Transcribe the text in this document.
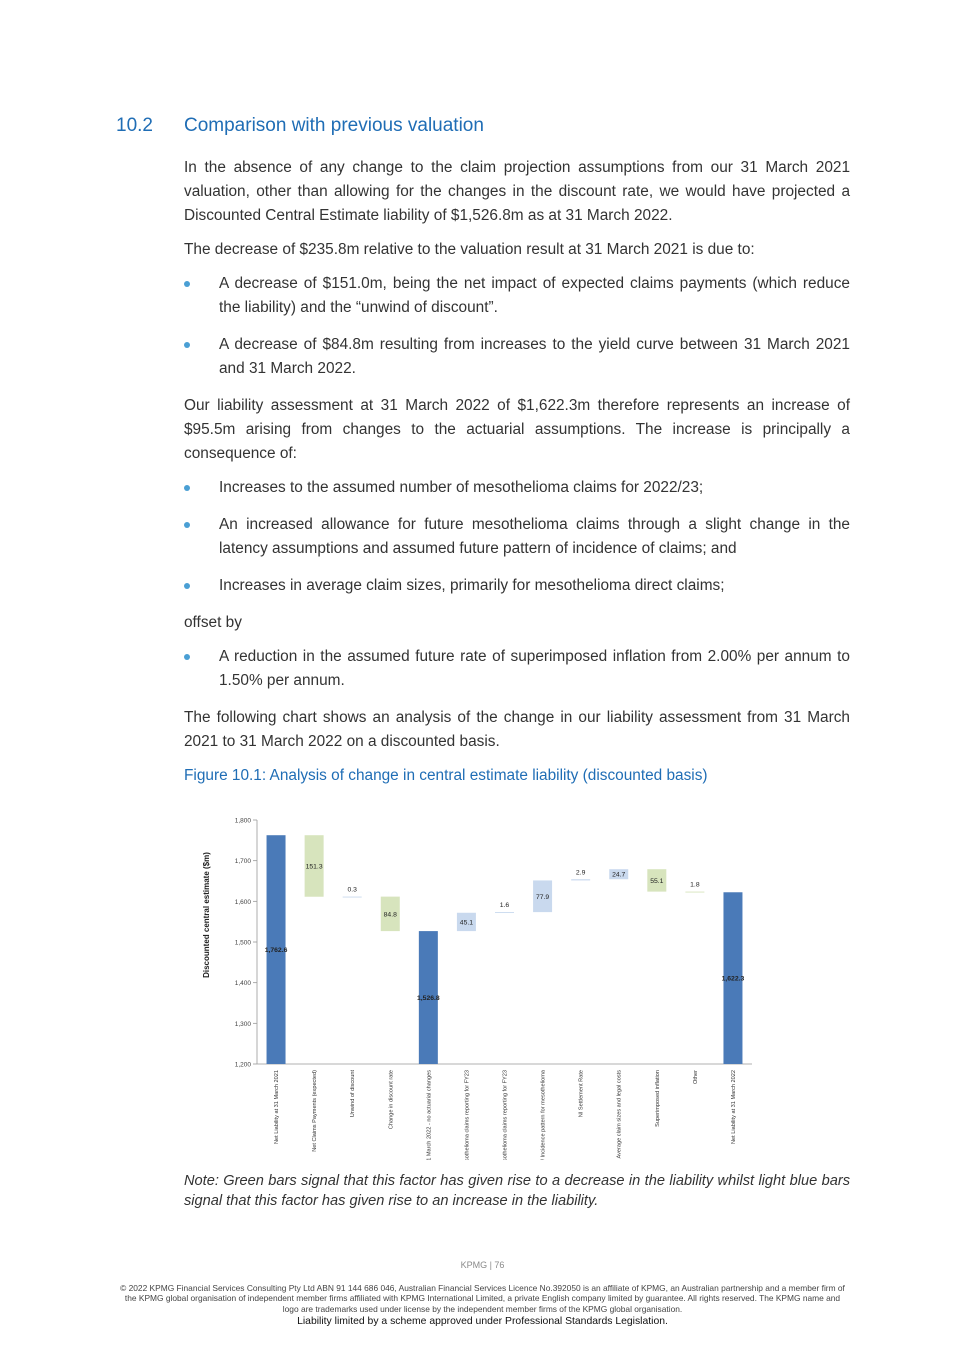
10.2 Comparison with previous valuation

In the absence of any change to the claim projection assumptions from our 31 March 2021 valuation, other than allowing for the changes in the discount rate, we would have projected a Discounted Central Estimate liability of $1,526.8m as at 31 March 2022.

The decrease of $235.8m relative to the valuation result at 31 March 2021 is due to:

A decrease of $151.0m, being the net impact of expected claims payments (which reduce the liability) and the “unwind of discount”.
A decrease of $84.8m resulting from increases to the yield curve between 31 March 2021 and 31 March 2022.

Our liability assessment at 31 March 2022 of $1,622.3m therefore represents an increase of $95.5m arising from changes to the actuarial assumptions. The increase is principally a consequence of:

Increases to the assumed number of mesothelioma claims for 2022/23;
An increased allowance for future mesothelioma claims through a slight change in the latency assumptions and assumed future pattern of incidence of claims; and
Increases in average claim sizes, primarily for mesothelioma direct claims;

offset by

A reduction in the assumed future rate of superimposed inflation from 2.00% per annum to 1.50% per annum.

The following chart shows an analysis of the change in our liability assessment from 31 March 2021 to 31 March 2022 on a discounted basis.

Figure 10.1: Analysis of change in central estimate liability (discounted basis)
Discounted central estimate ($m)
1,200
1,300
1,400
1,500
1,600
1,700
1,800
1,762.6
151.3
0.3
84.8
1,526.8
45.1
1.6
77.9
2.9	24.7
55.1
1.8
1,622.3
Net Liability at 31 March 2021	Net Claims Payments (expected)	Unwind of discount	Change in discount rate	Expected net liability at 31 March 2022 - no actuarial changes	Mesothelioma claims reporting for FY23	Non-mesothelioma claims reporting for FY23	Age Mix / Incidence pattern for mesothelioma	NI Settlement Rate	Average claim sizes and legal costs	Superimposed inflation	Other	Net Liability at 31 March 2022
Note: Green bars signal that this factor has given rise to a decrease in the liability whilst light blue bars signal that this factor has given rise to an increase in the liability.
KPMG | 76
© 2022 KPMG Financial Services Consulting Pty Ltd ABN 91 144 686 046, Australian Financial Services Licence No.392050 is an affiliate of KPMG, an Australian partnership and a member firm of the KPMG global organisation of independent member firms affiliated with KPMG International Limited, a private English company limited by guarantee. All rights reserved. The KPMG name and logo are trademarks used under license by the independent member firms of the KPMG global organisation.
Liability limited by a scheme approved under Professional Standards Legislation.
